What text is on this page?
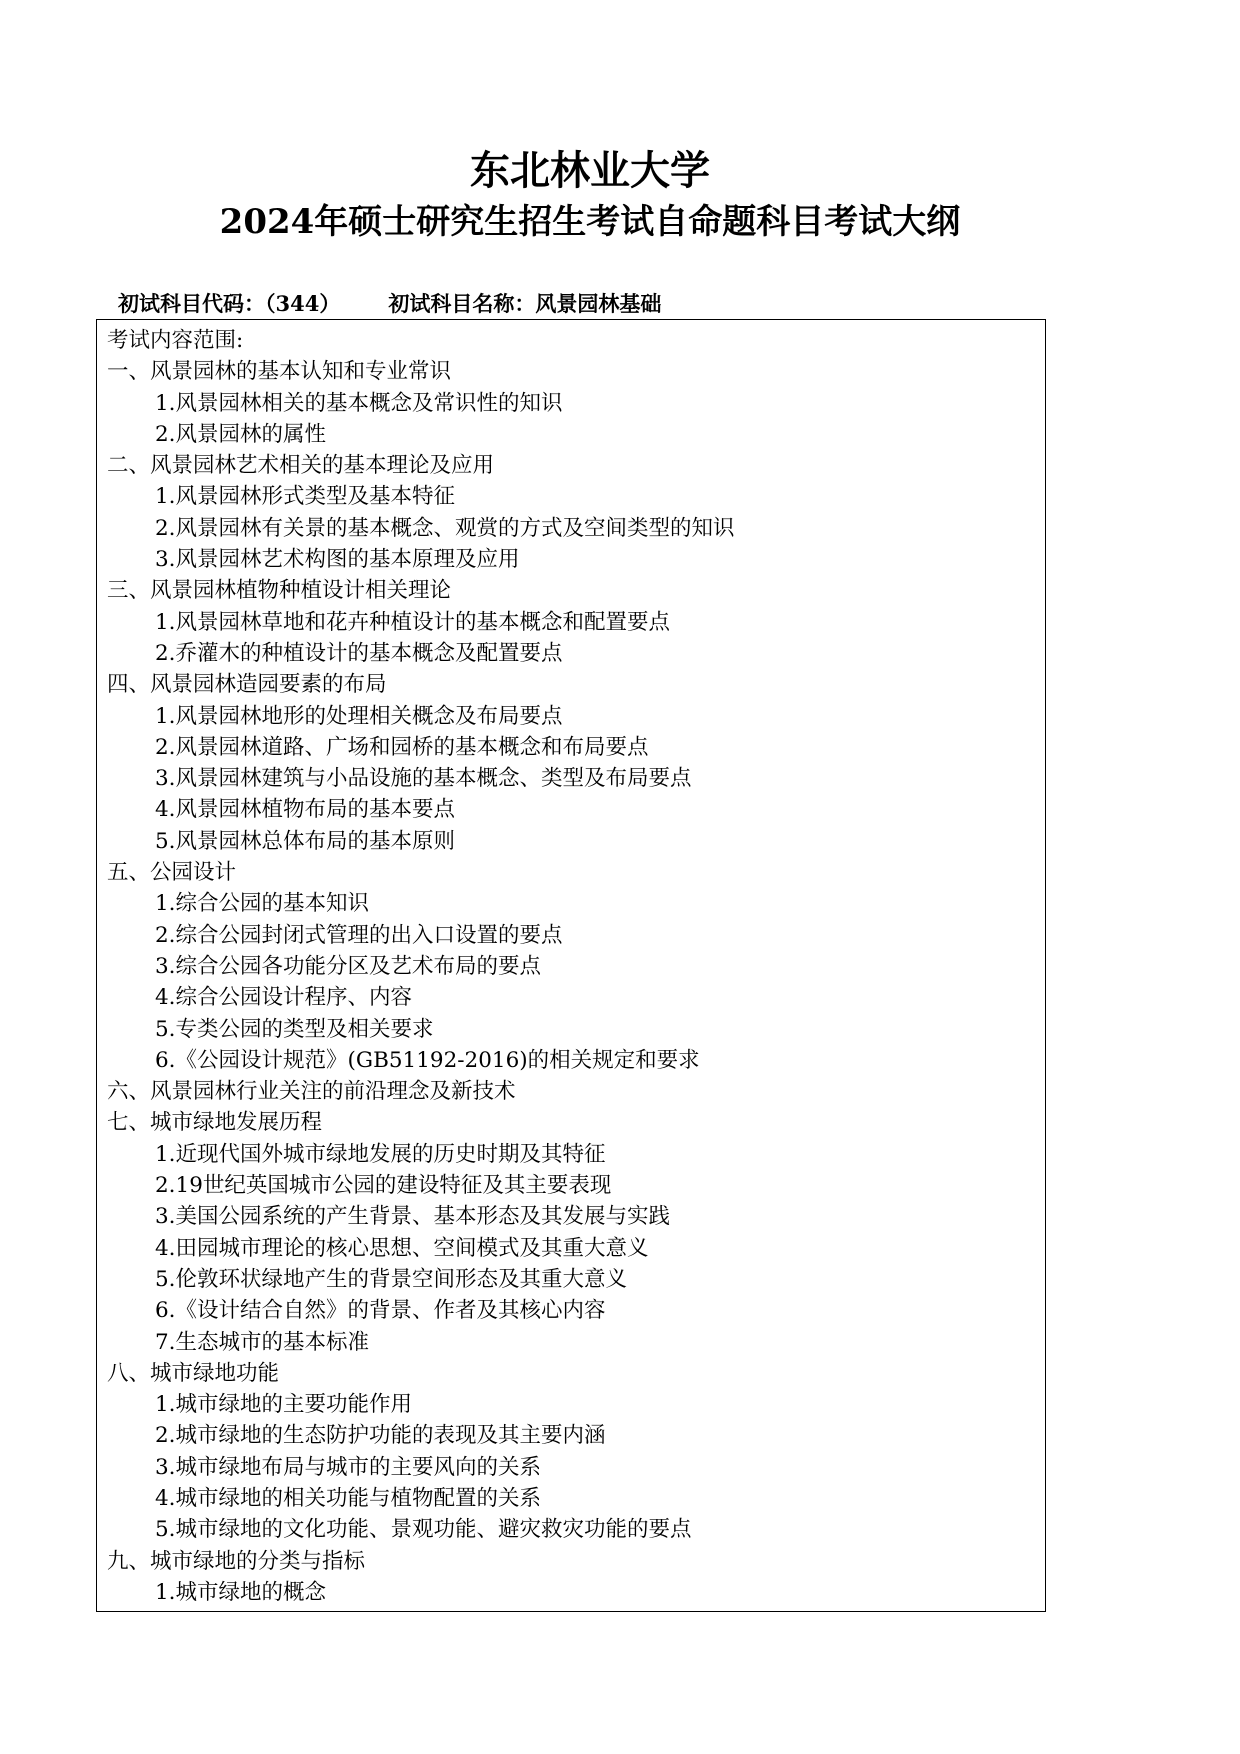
东北林业大学
2024年硕士研究生招生考试自命题科目考试大纲
初试科目代码：（344） 初试科目名称：风景园林基础
考试内容范围:
一、风景园林的基本认知和专业常识
1.风景园林相关的基本概念及常识性的知识
2.风景园林的属性
二、风景园林艺术相关的基本理论及应用
1.风景园林形式类型及基本特征
2.风景园林有关景的基本概念、观赏的方式及空间类型的知识
3.风景园林艺术构图的基本原理及应用
三、风景园林植物种植设计相关理论
1.风景园林草地和花卉种植设计的基本概念和配置要点
2.乔灌木的种植设计的基本概念及配置要点
四、风景园林造园要素的布局
1.风景园林地形的处理相关概念及布局要点
2.风景园林道路、广场和园桥的基本概念和布局要点
3.风景园林建筑与小品设施的基本概念、类型及布局要点
4.风景园林植物布局的基本要点
5.风景园林总体布局的基本原则
五、公园设计
1.综合公园的基本知识
2.综合公园封闭式管理的出入口设置的要点
3.综合公园各功能分区及艺术布局的要点
4.综合公园设计程序、内容
5.专类公园的类型及相关要求
6.《公园设计规范》(GB51192-2016)的相关规定和要求
六、风景园林行业关注的前沿理念及新技术
七、城市绿地发展历程
1.近现代国外城市绿地发展的历史时期及其特征
2.19世纪英国城市公园的建设特征及其主要表现
3.美国公园系统的产生背景、基本形态及其发展与实践
4.田园城市理论的核心思想、空间模式及其重大意义
5.伦敦环状绿地产生的背景空间形态及其重大意义
6.《设计结合自然》的背景、作者及其核心内容
7.生态城市的基本标准
八、城市绿地功能
1.城市绿地的主要功能作用
2.城市绿地的生态防护功能的表现及其主要内涵
3.城市绿地布局与城市的主要风向的关系
4.城市绿地的相关功能与植物配置的关系
5.城市绿地的文化功能、景观功能、避灾救灾功能的要点
九、城市绿地的分类与指标
1.城市绿地的概念
